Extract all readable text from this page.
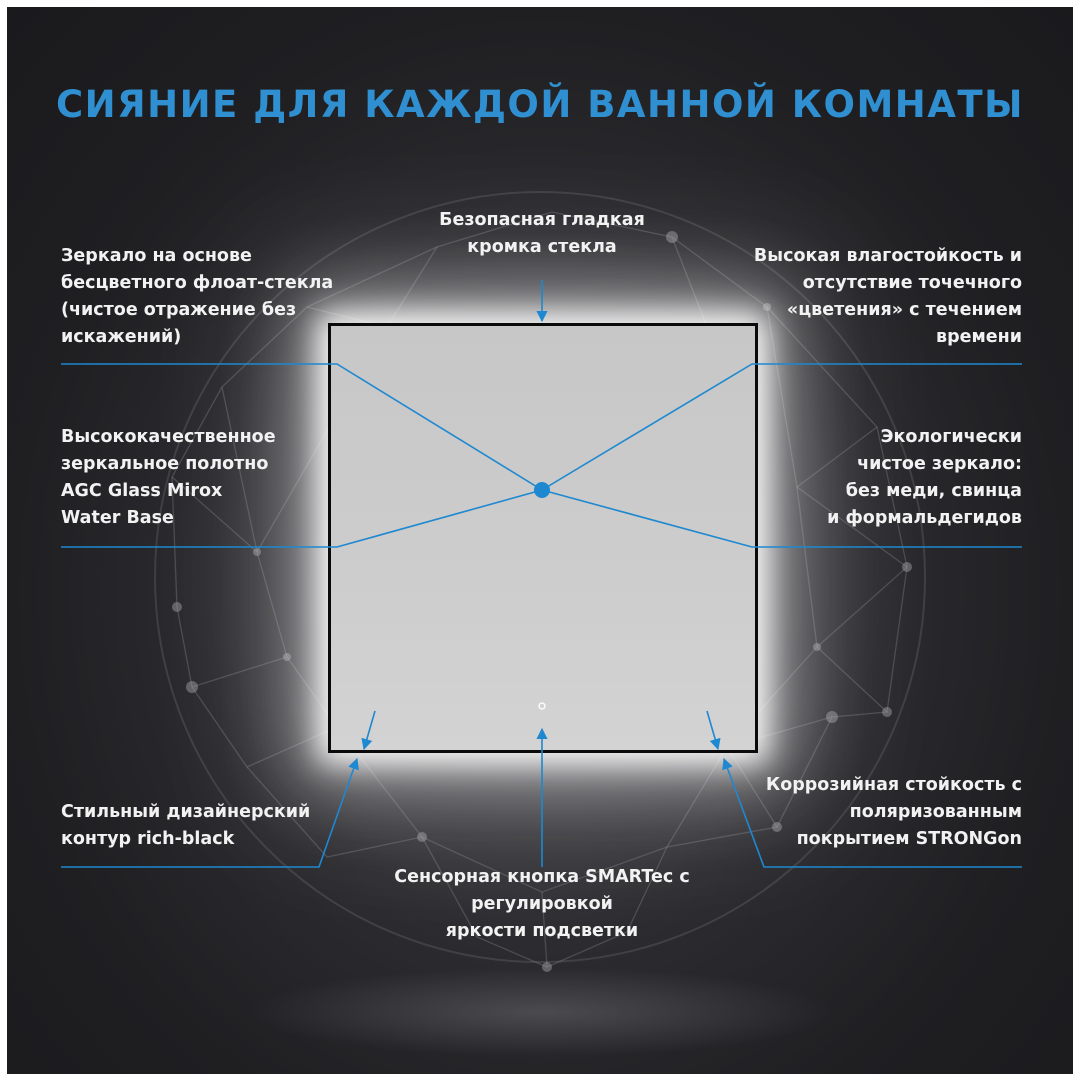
СИЯНИЕ ДЛЯ КАЖДОЙ ВАННОЙ КОМНАТЫ
Безопасная гладкая
кромка стекла
Зеркало на основе
бесцветного флоат-стекла
(чистое отражение без
искажений)
Высокая влагостойкость и
отсутствие точечного
«цветения» с течением
времени
Высококачественное
зеркальное полотно
AGC Glass Mirox
Water Base
Экологически
чистое зеркало:
без меди, свинца
и формальдегидов
Стильный дизайнерский
контур rich-black
Коррозийная стойкость с
поляризованным
покрытием STRONGon
Сенсорная кнопка SMARTec с
регулировкой
яркости подсветки
